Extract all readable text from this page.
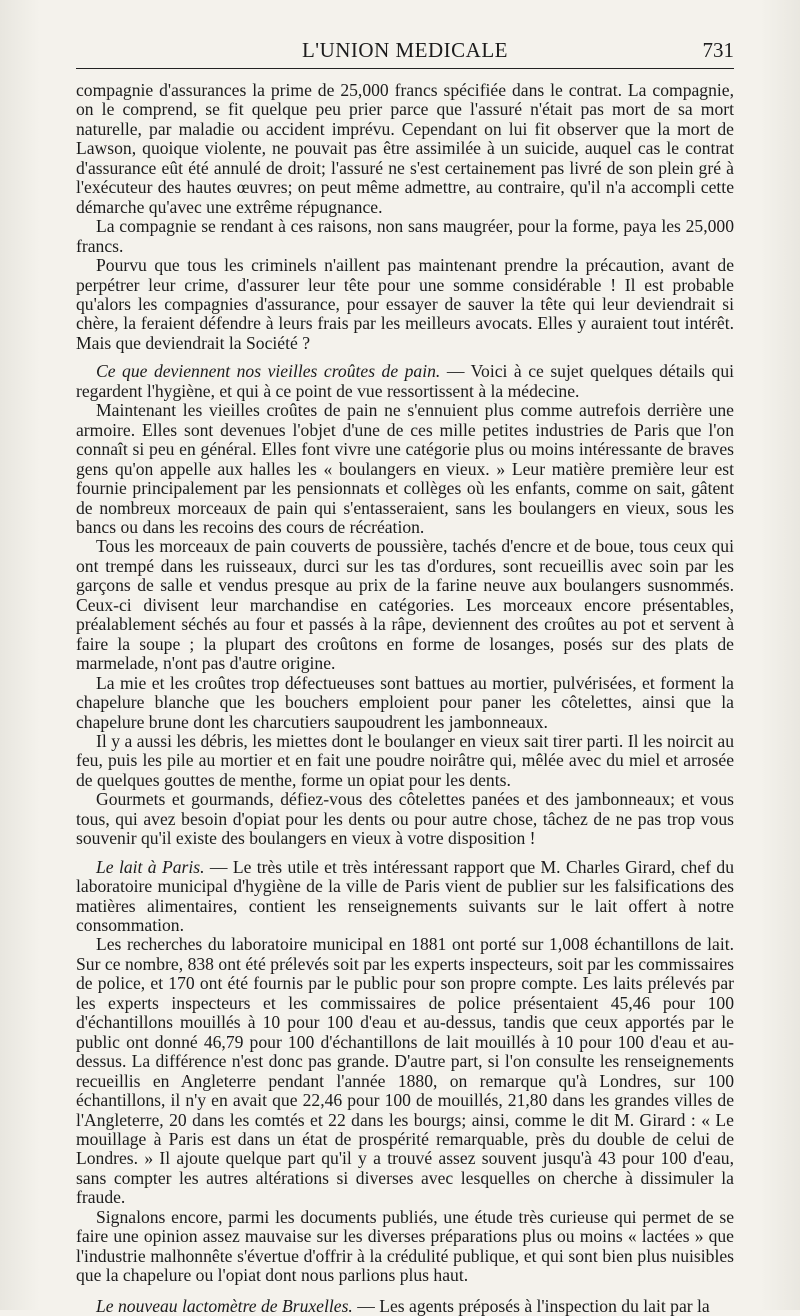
L'UNION MEDICALE	731

compagnie d'assurances la prime de 25,000 francs spécifiée dans le contrat. La compagnie, on le comprend, se fit quelque peu prier parce que l'assuré n'était pas mort de sa mort naturelle, par maladie ou accident imprévu. Cependant on lui fit observer que la mort de Lawson, quoique violente, ne pouvait pas être assimilée à un suicide, auquel cas le contrat d'assurance eût été annulé de droit; l'assuré ne s'est certainement pas livré de son plein gré à l'exécuteur des hautes œuvres; on peut même admettre, au contraire, qu'il n'a accompli cette démarche qu'avec une extrême répugnance.

La compagnie se rendant à ces raisons, non sans maugréer, pour la forme, paya les 25,000 francs.

Pourvu que tous les criminels n'aillent pas maintenant prendre la précaution, avant de perpétrer leur crime, d'assurer leur tête pour une somme considérable ! Il est probable qu'alors les compagnies d'assurance, pour essayer de sauver la tête qui leur deviendrait si chère, la feraient défendre à leurs frais par les meilleurs avocats. Elles y auraient tout intérêt. Mais que deviendrait la Société ?

Ce que deviennent nos vieilles croûtes de pain. — Voici à ce sujet quelques détails qui regardent l'hygiène, et qui à ce point de vue ressortissent à la médecine.

Maintenant les vieilles croûtes de pain ne s'ennuient plus comme autrefois derrière une armoire. Elles sont devenues l'objet d'une de ces mille petites industries de Paris que l'on connaît si peu en général. Elles font vivre une catégorie plus ou moins intéressante de braves gens qu'on appelle aux halles les « boulangers en vieux. » Leur matière première leur est fournie principalement par les pensionnats et collèges où les enfants, comme on sait, gâtent de nombreux morceaux de pain qui s'entasseraient, sans les boulangers en vieux, sous les bancs ou dans les recoins des cours de récréation.

Tous les morceaux de pain couverts de poussière, tachés d'encre et de boue, tous ceux qui ont trempé dans les ruisseaux, durci sur les tas d'ordures, sont recueillis avec soin par les garçons de salle et vendus presque au prix de la farine neuve aux boulangers susnommés. Ceux-ci divisent leur marchandise en catégories. Les morceaux encore présentables, préalablement séchés au four et passés à la râpe, deviennent des croûtes au pot et servent à faire la soupe ; la plupart des croûtons en forme de losanges, posés sur des plats de marmelade, n'ont pas d'autre origine.

La mie et les croûtes trop défectueuses sont battues au mortier, pulvérisées, et forment la chapelure blanche que les bouchers emploient pour paner les côtelettes, ainsi que la chapelure brune dont les charcutiers saupoudrent les jambonneaux.

Il y a aussi les débris, les miettes dont le boulanger en vieux sait tirer parti. Il les noircit au feu, puis les pile au mortier et en fait une poudre noirâtre qui, mêlée avec du miel et arrosée de quelques gouttes de menthe, forme un opiat pour les dents.

Gourmets et gourmands, défiez-vous des côtelettes panées et des jambonneaux; et vous tous, qui avez besoin d'opiat pour les dents ou pour autre chose, tâchez de ne pas trop vous souvenir qu'il existe des boulangers en vieux à votre disposition !

Le lait à Paris. — Le très utile et très intéressant rapport que M. Charles Girard, chef du laboratoire municipal d'hygiène de la ville de Paris vient de publier sur les falsifications des matières alimentaires, contient les renseignements suivants sur le lait offert à notre consommation.

Les recherches du laboratoire municipal en 1881 ont porté sur 1,008 échantillons de lait. Sur ce nombre, 838 ont été prélevés soit par les experts inspecteurs, soit par les commissaires de police, et 170 ont été fournis par le public pour son propre compte. Les laits prélevés par les experts inspecteurs et les commissaires de police présentaient 45,46 pour 100 d'échantillons mouillés à 10 pour 100 d'eau et au-dessus, tandis que ceux apportés par le public ont donné 46,79 pour 100 d'échantillons de lait mouillés à 10 pour 100 d'eau et au-dessus. La différence n'est donc pas grande. D'autre part, si l'on consulte les renseignements recueillis en Angleterre pendant l'année 1880, on remarque qu'à Londres, sur 100 échantillons, il n'y en avait que 22,46 pour 100 de mouillés, 21,80 dans les grandes villes de l'Angleterre, 20 dans les comtés et 22 dans les bourgs; ainsi, comme le dit M. Girard : « Le mouillage à Paris est dans un état de prospérité remarquable, près du double de celui de Londres. » Il ajoute quelque part qu'il y a trouvé assez souvent jusqu'à 43 pour 100 d'eau, sans compter les autres altérations si diverses avec lesquelles on cherche à dissimuler la fraude.

Signalons encore, parmi les documents publiés, une étude très curieuse qui permet de se faire une opinion assez mauvaise sur les diverses préparations plus ou moins « lactées » que l'industrie malhonnête s'évertue d'offrir à la crédulité publique, et qui sont bien plus nuisibles que la chapelure ou l'opiat dont nous parlions plus haut.

Le nouveau lactomètre de Bruxelles. — Les agents préposés à l'inspection du lait par la
